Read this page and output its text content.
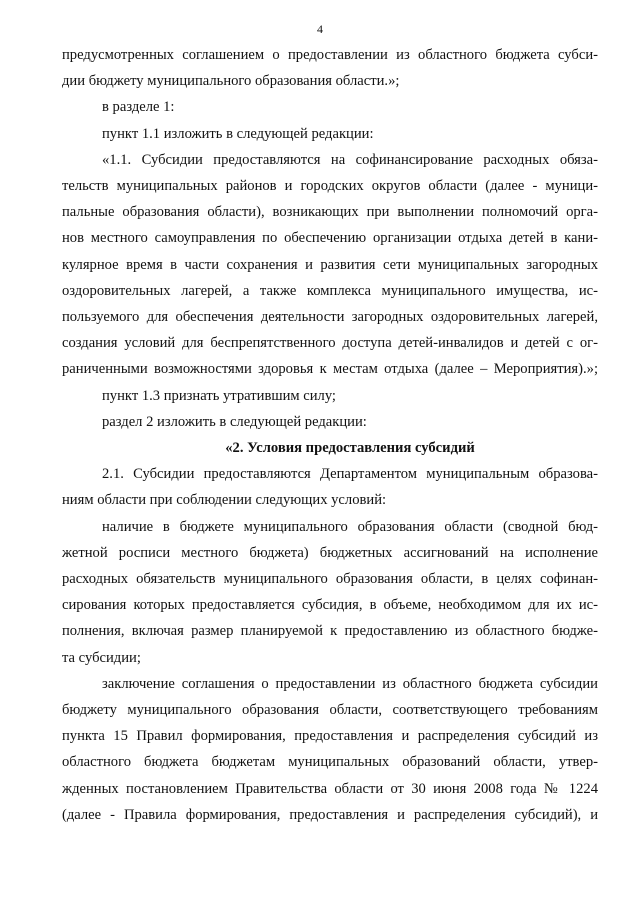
4
предусмотренных соглашением о предоставлении из областного бюджета субси-
дии бюджету муниципального образования области.»;
в разделе 1:
пункт 1.1 изложить в следующей редакции:
«1.1. Субсидии предоставляются на софинансирование расходных обяза-
тельств муниципальных районов и городских округов области (далее - муници-
пальные образования области), возникающих при выполнении полномочий орга-
нов местного самоуправления по обеспечению организации отдыха детей в кани-
кулярное время в части сохранения и развития сети муниципальных загородных
оздоровительных лагерей, а также комплекса муниципального имущества, ис-
пользуемого для обеспечения деятельности загородных оздоровительных лагерей,
создания условий для беспрепятственного доступа детей-инвалидов и детей с ог-
раниченными возможностями здоровья к местам отдыха (далее – Мероприятия).»;
пункт 1.3 признать утратившим силу;
раздел 2 изложить в следующей редакции:
«2. Условия предоставления субсидий
2.1. Субсидии предоставляются Департаментом муниципальным образова-
ниям области при соблюдении следующих условий:
наличие в бюджете муниципального образования области (сводной бюд-
жетной росписи местного бюджета) бюджетных ассигнований на исполнение
расходных обязательств муниципального образования области, в целях софинан-
сирования которых предоставляется субсидия, в объеме, необходимом для их ис-
полнения, включая размер планируемой к предоставлению из областного бюдже-
та субсидии;
заключение соглашения о предоставлении из областного бюджета субсидии
бюджету муниципального образования области, соответствующего требованиям
пункта 15 Правил формирования, предоставления и распределения субсидий из
областного бюджета бюджетам муниципальных образований области, утвер-
жденных постановлением Правительства области от 30 июня 2008 года № 1224
(далее - Правила формирования, предоставления и распределения субсидий), и
